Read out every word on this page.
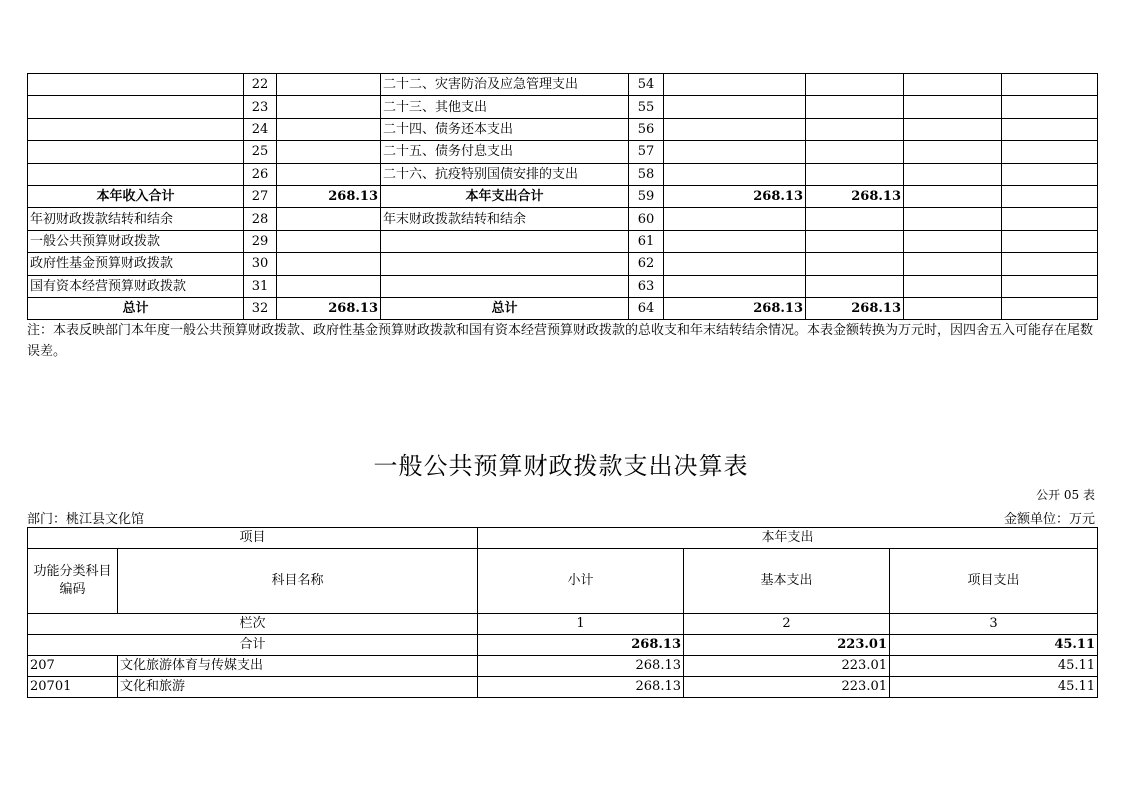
	22		二十二、灾害防治及应急管理支出	54				
	23		二十三、其他支出	55				
	24		二十四、债务还本支出	56				
	25		二十五、债务付息支出	57				
	26		二十六、抗疫特别国债安排的支出	58				
本年收入合计	27	268.13	本年支出合计	59	268.13	268.13		
年初财政拨款结转和结余	28		年末财政拨款结转和结余	60				
一般公共预算财政拨款	29			61				
政府性基金预算财政拨款	30			62				
国有资本经营预算财政拨款	31			63				
总计	32	268.13	总计	64	268.13	268.13		
注：本表反映部门本年度一般公共预算财政拨款、政府性基金预算财政拨款和国有资本经营预算财政拨款的总收支和年末结转结余情况。本表金额转换为万元时，因四舍五入可能存在尾数误差。
一般公共预算财政拨款支出决算表
公开 05 表
部门：桃江县文化馆	金额单位：万元
项目		本年支出		
功能分类科目编码	科目名称	小计	基本支出	项目支出
栏次		1	2	3
合计		268.13	223.01	45.11
207	文化旅游体育与传媒支出	268.13	223.01	45.11
20701	文化和旅游	268.13	223.01	45.11
